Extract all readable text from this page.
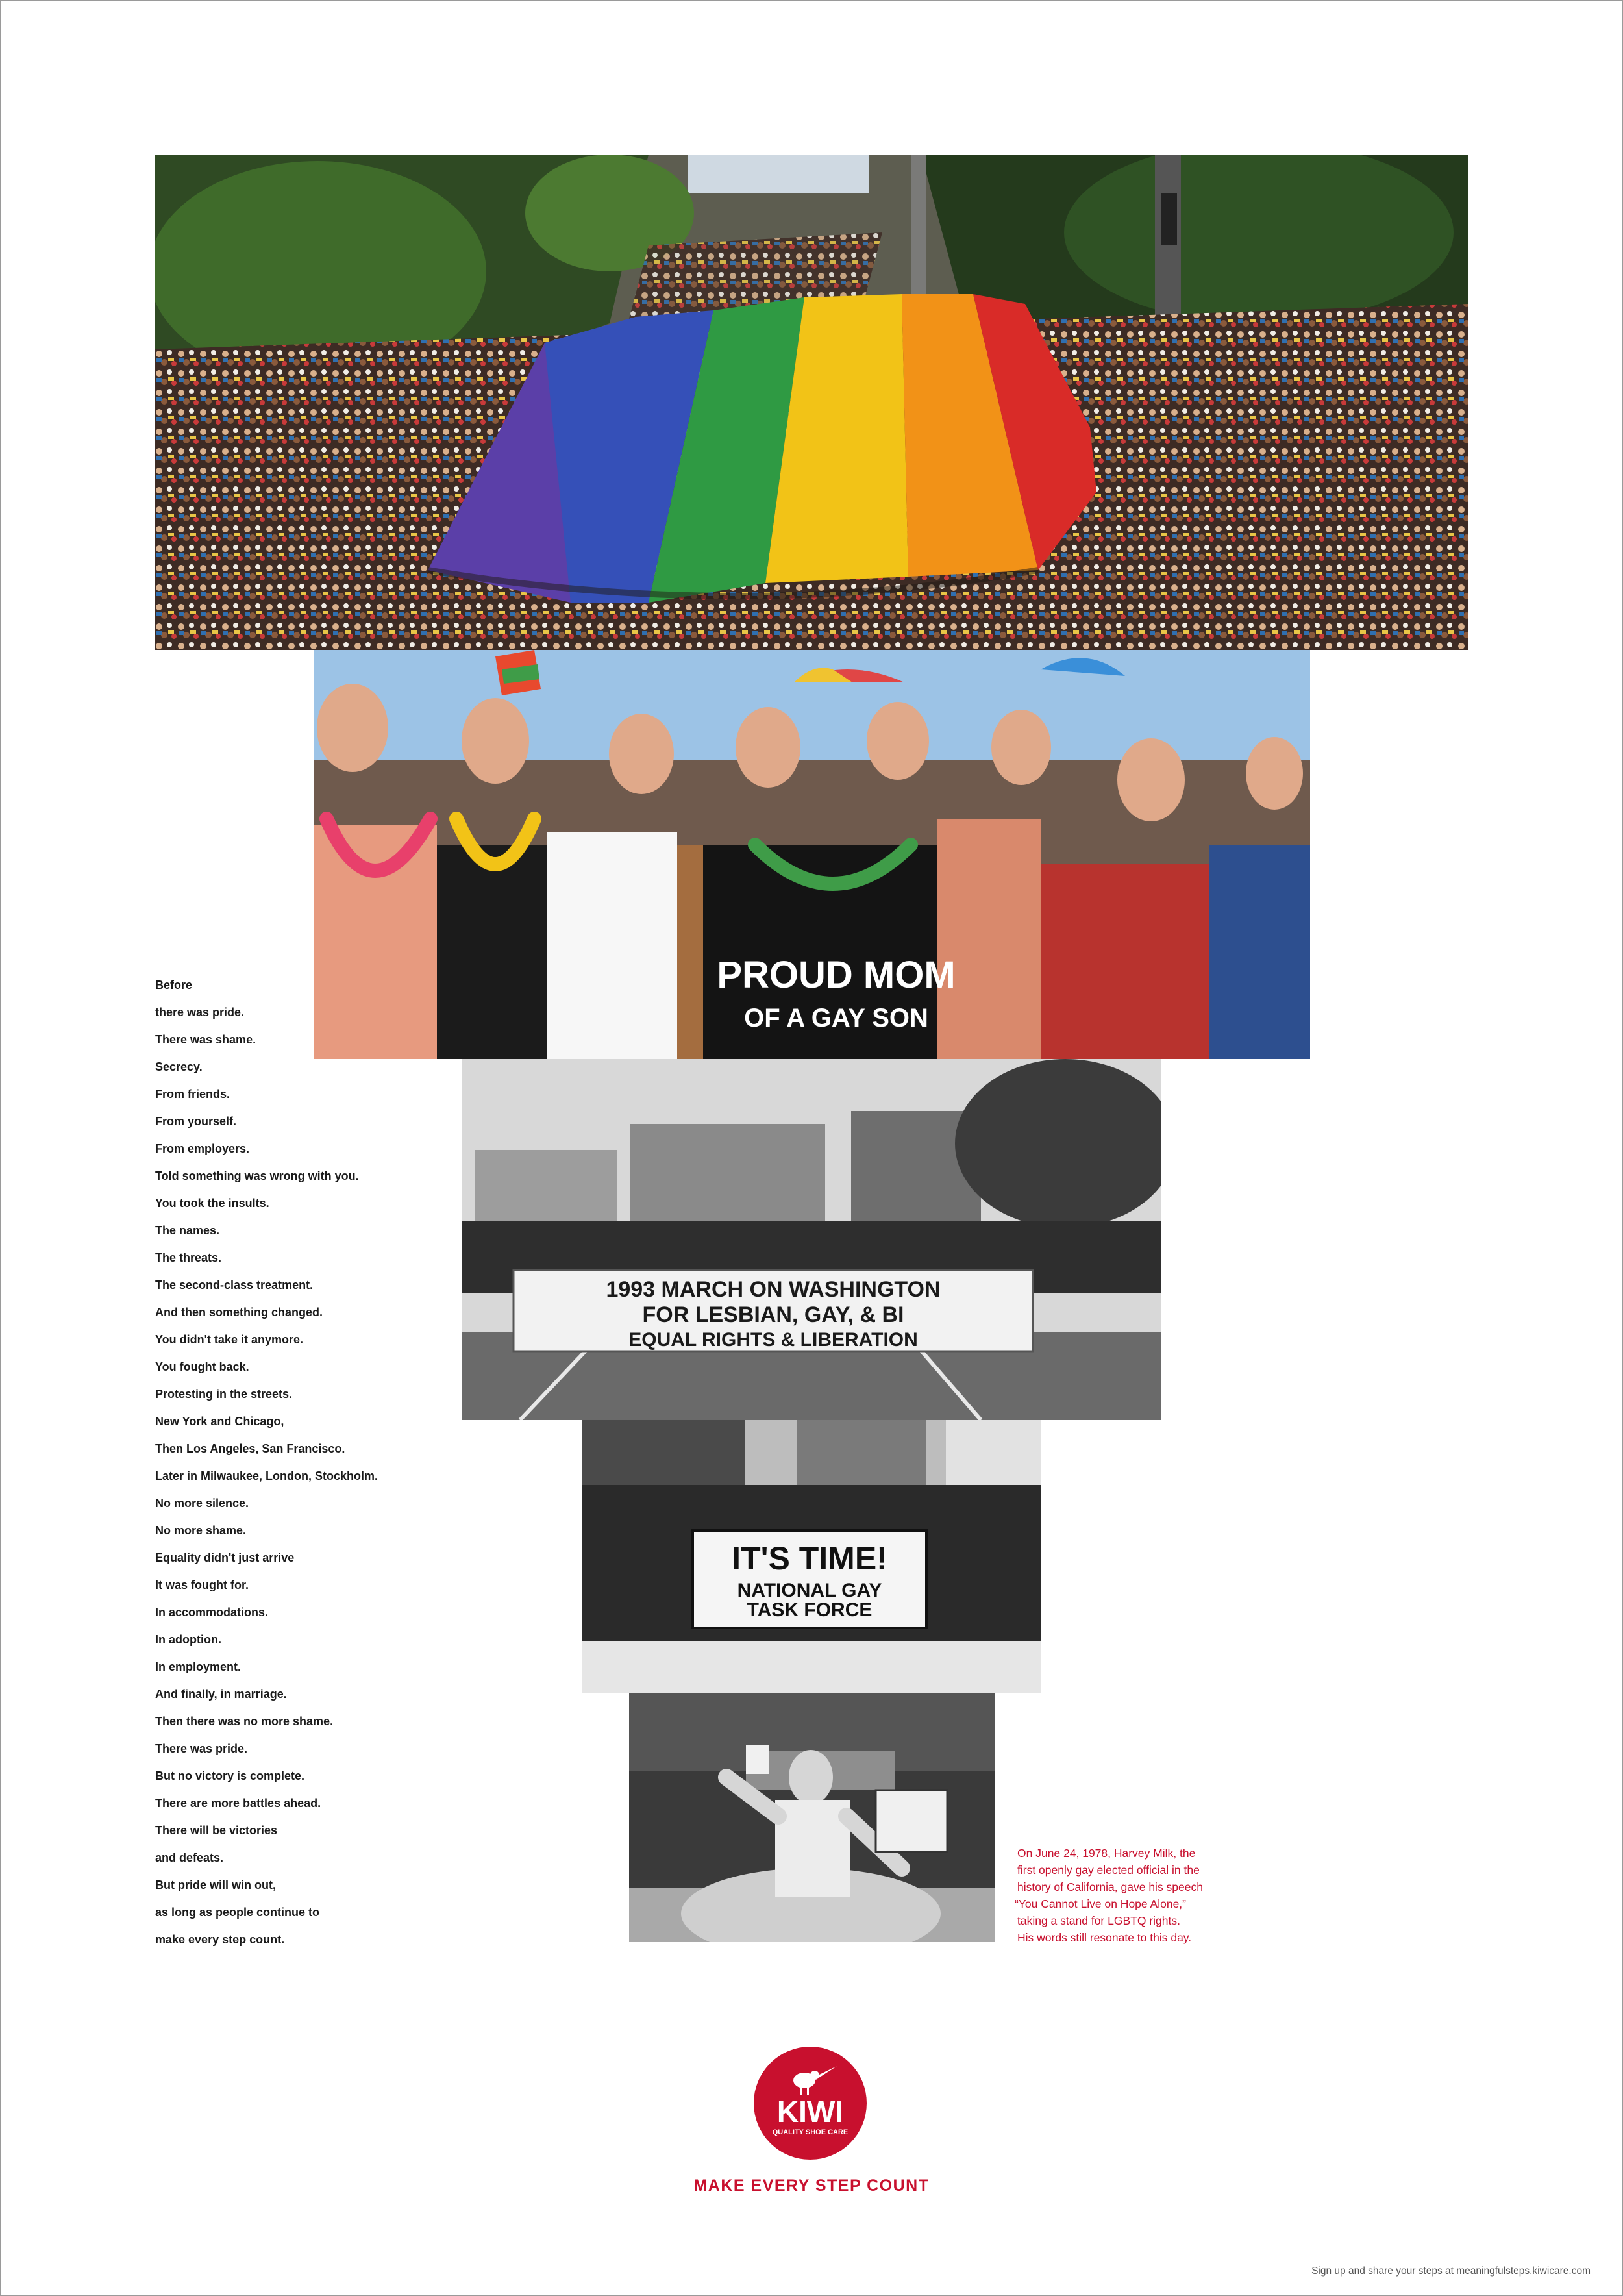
PROUD MOM
OF A GAY SON
1993 MARCH ON WASHINGTON
FOR LESBIAN, GAY, & BI
EQUAL RIGHTS & LIBERATION
IT'S TIME!
NATIONAL GAY
TASK FORCE
Before
there was pride.
There was shame.
Secrecy.
From friends.
From yourself.
From employers.
Told something was wrong with you.
You took the insults.
The names.
The threats.
The second-class treatment.
And then something changed.
You didn't take it anymore.
You fought back.
Protesting in the streets.
New York and Chicago,
Then Los Angeles, San Francisco.
Later in Milwaukee, London, Stockholm.
No more silence.
No more shame.
Equality didn't just arrive
It was fought for.
In accommodations.
In adoption.
In employment.
And finally, in marriage.
Then there was no more shame.
There was pride.
But no victory is complete.
There are more battles ahead.
There will be victories
and defeats.
But pride will win out,
as long as people continue to
make every step count.
On June 24, 1978, Harvey Milk, the
first openly gay elected official in the
history of California, gave his speech
“You Cannot Live on Hope Alone,”
taking a stand for LGBTQ rights.
His words still resonate to this day.
KIWI
QUALITY SHOE CARE
MAKE EVERY STEP COUNT
Sign up and share your steps at meaningfulsteps.kiwicare.com
